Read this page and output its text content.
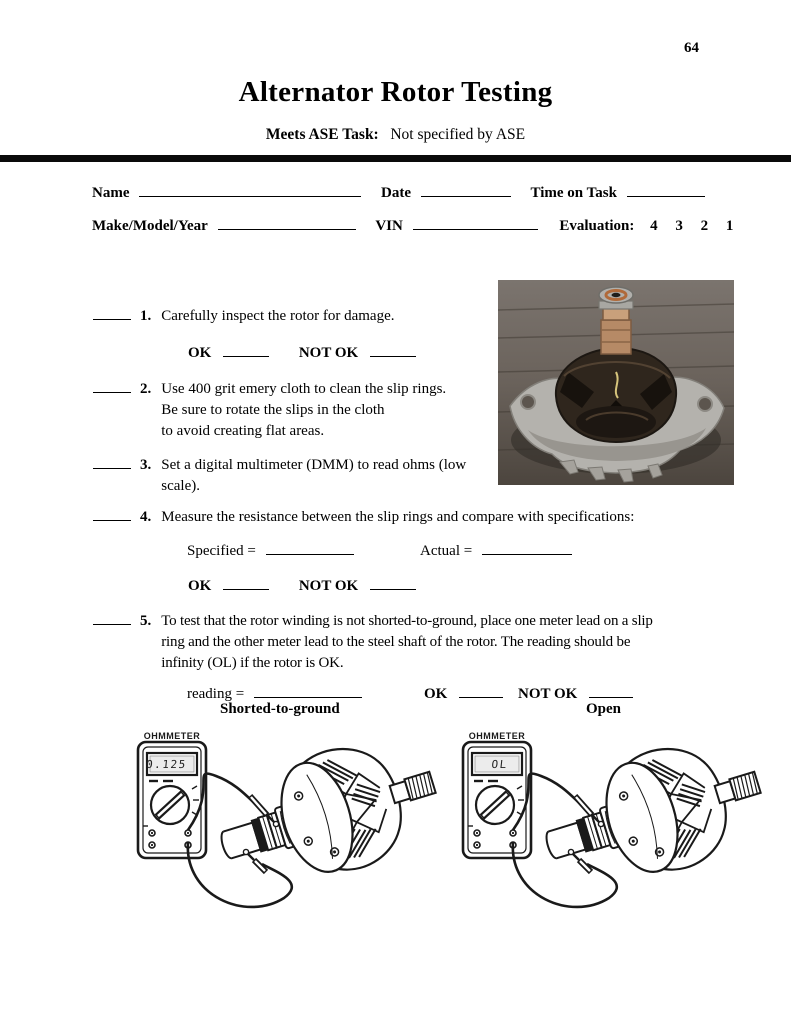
64
Alternator Rotor Testing
Meets ASE Task: Not specified by ASE
Name	Date	Time on Task
Make/Model/Year	VIN	Evaluation: 4 3 2 1
1. Carefully inspect the rotor for damage.
OK	NOT OK
2. Use 400 grit emery cloth to clean the slip rings.
Be sure to rotate the slips in the cloth
to avoid creating flat areas.
3. Set a digital multimeter (DMM) to read ohms (low
scale).
4. Measure the resistance between the slip rings and compare with specifications:
Specified =	Actual =
OK	NOT OK
5. To test that the rotor winding is not shorted-to-ground, place one meter lead on a slip
ring and the other meter lead to the steel shaft of the rotor. The reading should be
infinity (OL) if the rotor is OK.
reading =	OK	NOT OK
Shorted-to-ground	Open
OHMMETER
0.125
OHMMETER
OL
